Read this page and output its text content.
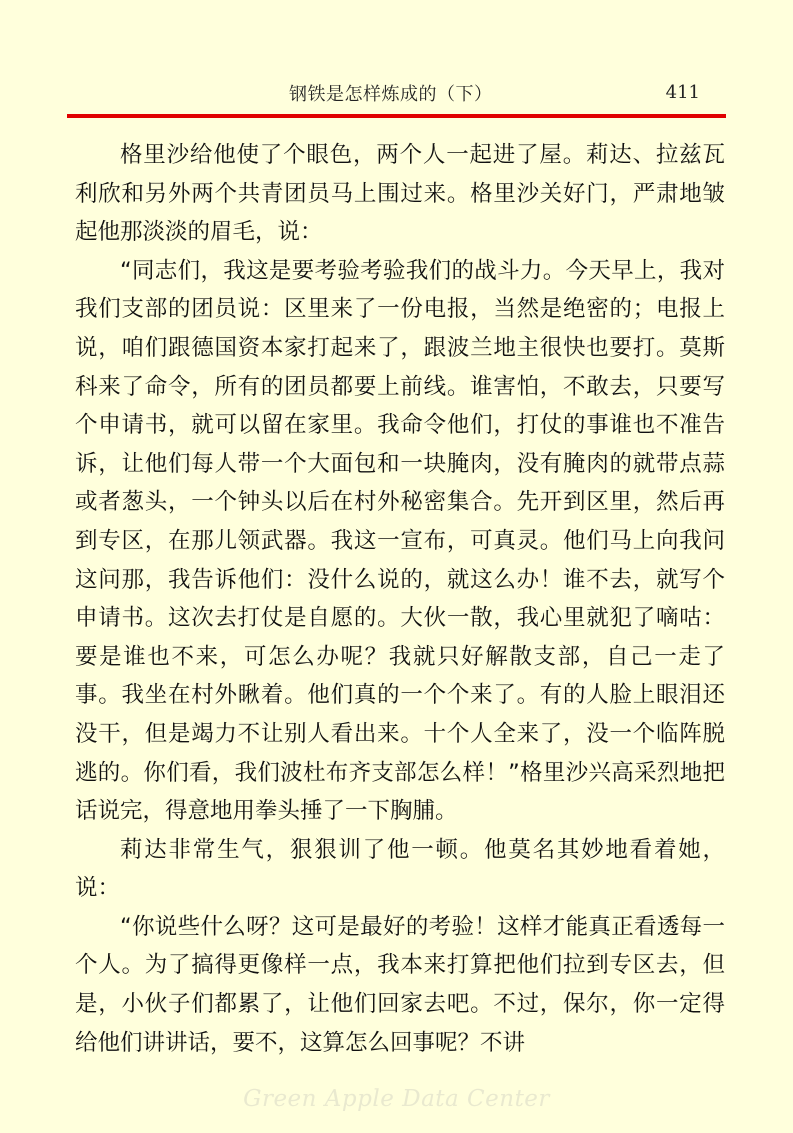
钢铁是怎样炼成的（下）	411

格里沙给他使了个眼色，两个人一起进了屋。莉达、拉兹瓦利欣和另外两个共青团员马上围过来。格里沙关好门，严肃地皱起他那淡淡的眉毛，说：

“同志们，我这是要考验考验我们的战斗力。今天早上，我对我们支部的团员说：区里来了一份电报，当然是绝密的；电报上说，咱们跟德国资本家打起来了，跟波兰地主很快也要打。莫斯科来了命令，所有的团员都要上前线。谁害怕，不敢去，只要写个申请书，就可以留在家里。我命令他们，打仗的事谁也不准告诉，让他们每人带一个大面包和一块腌肉，没有腌肉的就带点蒜或者葱头，一个钟头以后在村外秘密集合。先开到区里，然后再到专区，在那儿领武器。我这一宣布，可真灵。他们马上向我问这问那，我告诉他们：没什么说的，就这么办！谁不去，就写个申请书。这次去打仗是自愿的。大伙一散，我心里就犯了嘀咕：要是谁也不来，可怎么办呢？我就只好解散支部，自己一走了事。我坐在村外瞅着。他们真的一个个来了。有的人脸上眼泪还没干，但是竭力不让别人看出来。十个人全来了，没一个临阵脱逃的。你们看，我们波杜布齐支部怎么样！”格里沙兴高采烈地把话说完，得意地用拳头捶了一下胸脯。

莉达非常生气，狠狠训了他一顿。他莫名其妙地看着她，说：

“你说些什么呀？这可是最好的考验！这样才能真正看透每一个人。为了搞得更像样一点，我本来打算把他们拉到专区去，但是，小伙子们都累了，让他们回家去吧。不过，保尔，你一定得给他们讲讲话，要不，这算怎么回事呢？不讲

Green Apple Data Center
